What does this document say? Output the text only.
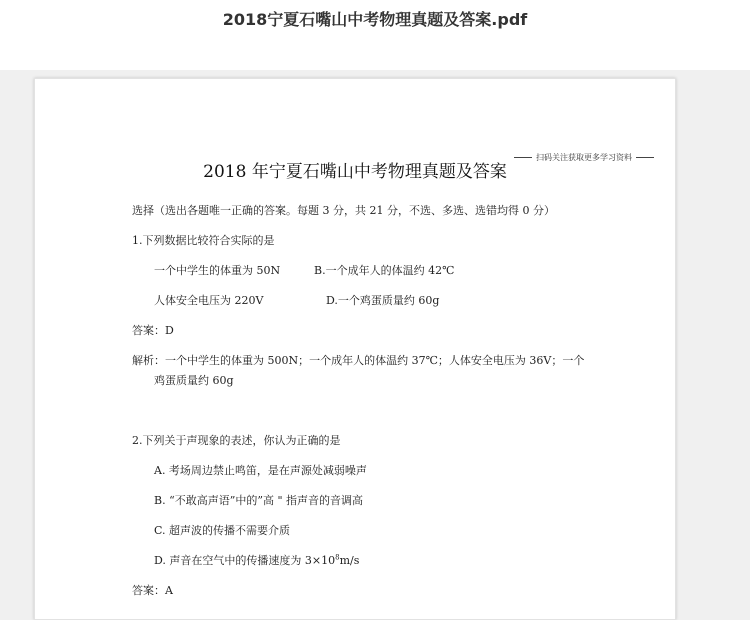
2018宁夏石嘴山中考物理真题及答案.pdf
扫码关注获取更多学习资料
2018 年宁夏石嘴山中考物理真题及答案
选择（选出各题唯一正确的答案。每题 3 分，共 21 分，不选、多选、选错均得 0 分）
1.下列数据比较符合实际的是
一个中学生的体重为 50N	B.一个成年人的体温约 42℃
人体安全电压为 220V	D.一个鸡蛋质量约 60g
答案：D
解析：一个中学生的体重为 500N；一个成年人的体温约 37℃；人体安全电压为 36V；一个
鸡蛋质量约 60g
2.下列关于声现象的表述，你认为正确的是
A. 考场周边禁止鸣笛，是在声源处减弱噪声
B. “不敢高声语”中的”高 " 指声音的音调高
C. 超声波的传播不需要介质
D. 声音在空气中的传播速度为 $3\times 10^8m/s$
答案：A
